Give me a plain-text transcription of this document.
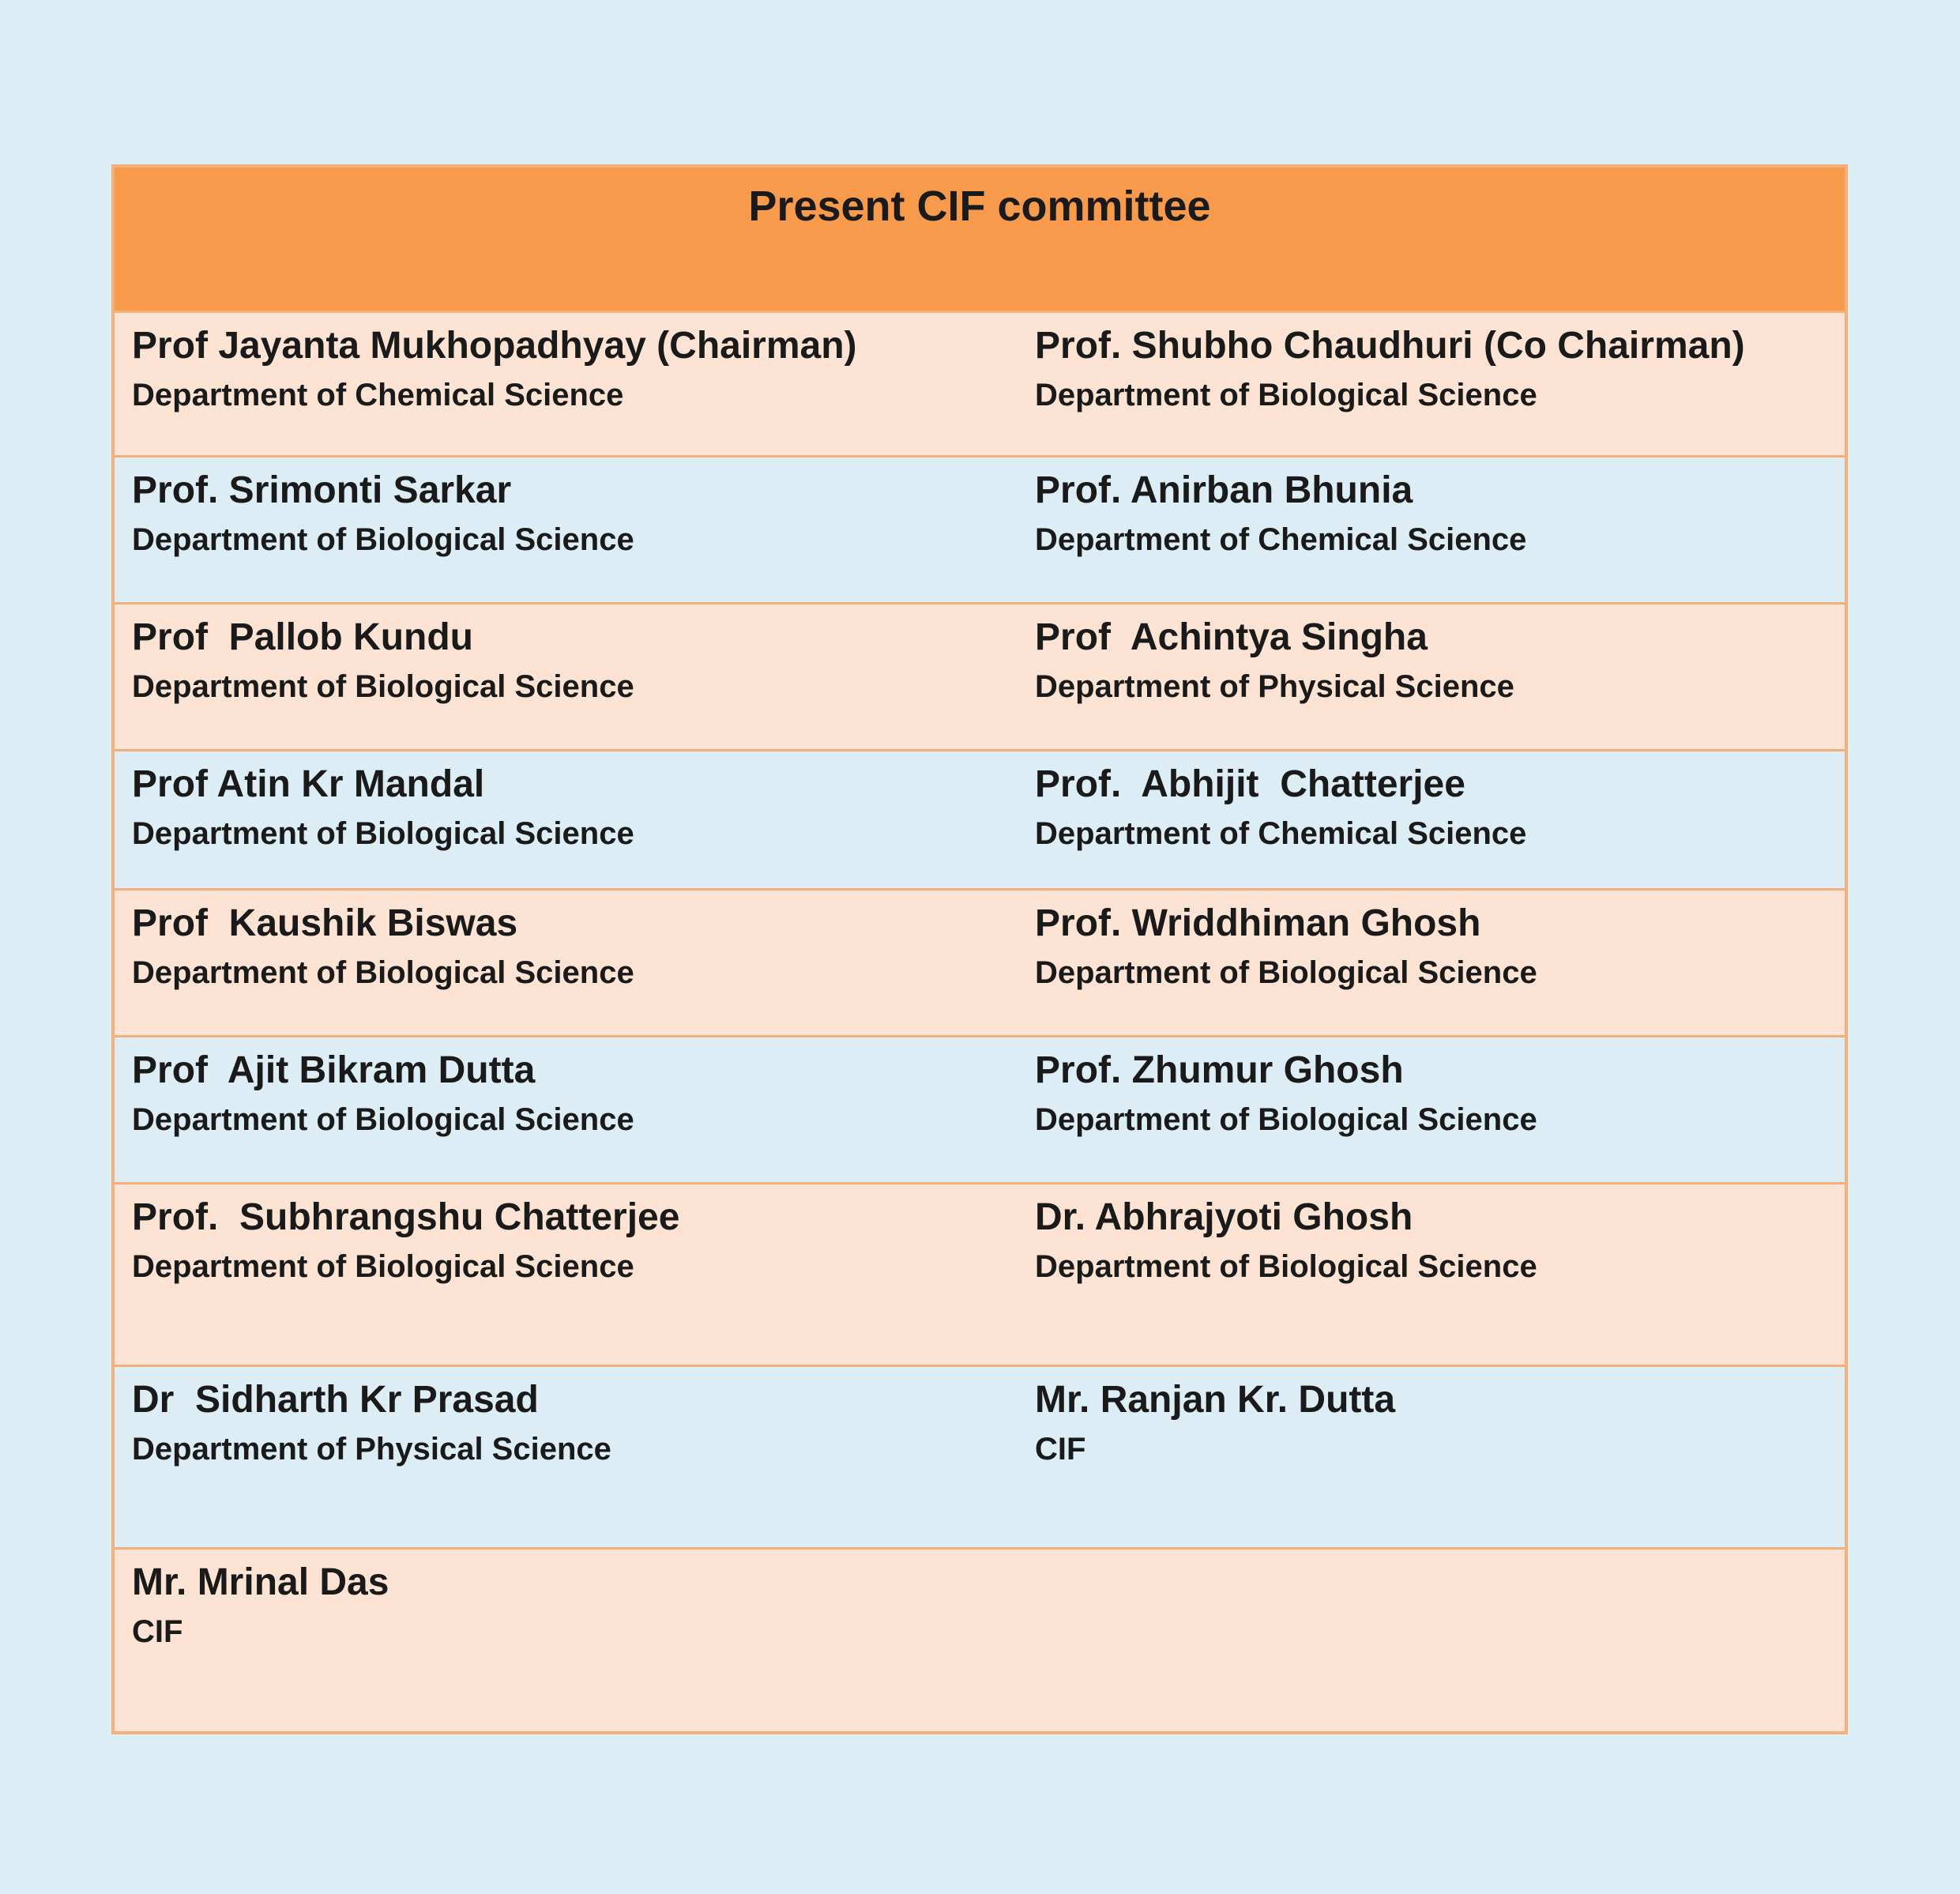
Present CIF committee
Prof Jayanta Mukhopadhyay (Chairman)
Department of Chemical Science
Prof. Shubho Chaudhuri (Co Chairman)
Department of Biological Science
Prof. Srimonti Sarkar
Department of Biological Science
Prof. Anirban Bhunia
Department of Chemical Science
Prof  Pallob Kundu
Department of Biological Science
Prof  Achintya Singha
Department of Physical Science
Prof Atin Kr Mandal
Department of Biological Science
Prof.  Abhijit  Chatterjee
Department of Chemical Science
Prof  Kaushik Biswas
Department of Biological Science
Prof. Wriddhiman Ghosh
Department of Biological Science
Prof  Ajit Bikram Dutta
Department of Biological Science
Prof. Zhumur Ghosh
Department of Biological Science
Prof.  Subhrangshu Chatterjee
Department of Biological Science
Dr. Abhrajyoti Ghosh
Department of Biological Science
Dr  Sidharth Kr Prasad
Department of Physical Science
Mr. Ranjan Kr. Dutta
CIF
Mr. Mrinal Das
CIF
